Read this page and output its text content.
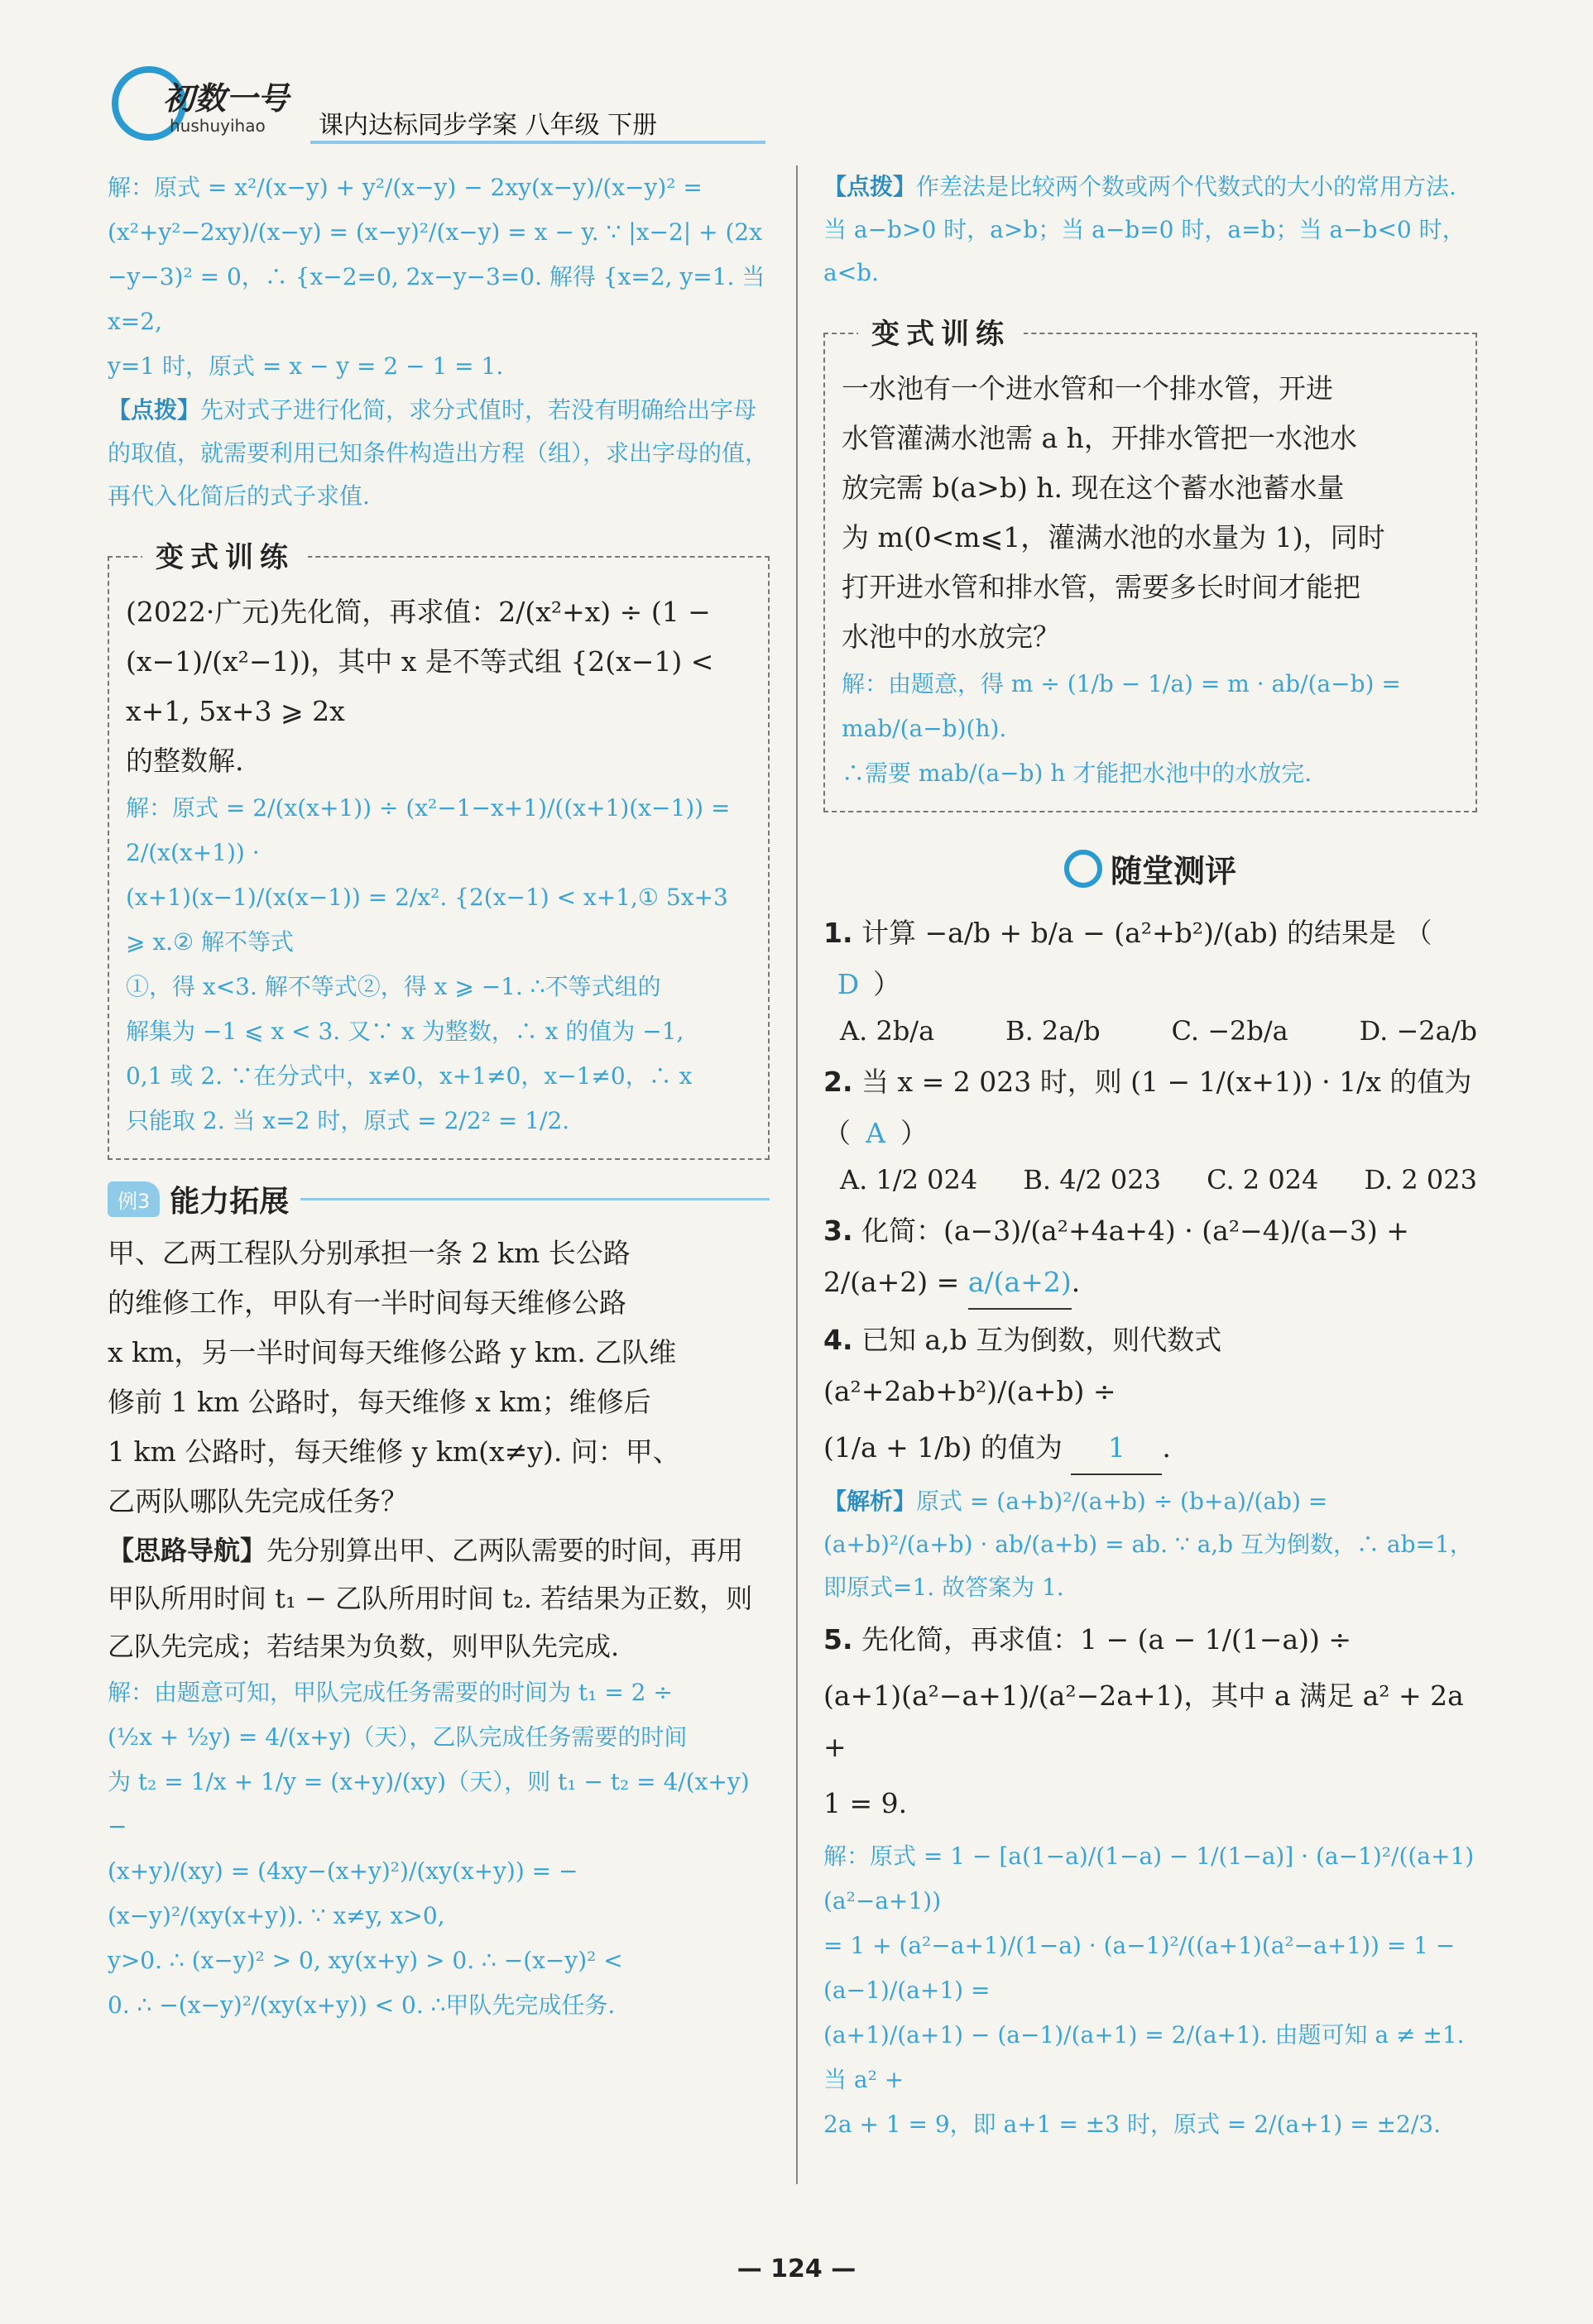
初数一号
hushuyihao 课内达标同步学案 八年级 下册

解：原式 = x²/(x−y) + y²/(x−y) − 2xy(x−y)/(x−y)² =

(x²+y²−2xy)/(x−y) = (x−y)²/(x−y) = x − y. ∵ |x−2| + (2x

−y−3)² = 0，∴ {x−2=0, 2x−y−3=0. 解得 {x=2, y=1. 当 x=2,

y=1 时，原式 = x − y = 2 − 1 = 1.

【点拨】先对式子进行化简，求分式值时，若没有明确给出字母的取值，就需要利用已知条件构造出方程（组），求出字母的值，再代入化简后的式子求值.

变式训练

(2022·广元)先化简，再求值：2/(x²+x) ÷ (1 −

(x−1)/(x²−1))，其中 x 是不等式组 {2(x−1) < x+1, 5x+3 ⩾ 2x

的整数解.

解：原式 = 2/(x(x+1)) ÷ (x²−1−x+1)/((x+1)(x−1)) = 2/(x(x+1)) ·

(x+1)(x−1)/(x(x−1)) = 2/x². {2(x−1) < x+1,① 5x+3 ⩾ x.② 解不等式

①，得 x<3. 解不等式②，得 x ⩾ −1. ∴不等式组的

解集为 −1 ⩽ x < 3. 又∵ x 为整数，∴ x 的值为 −1,

0,1 或 2. ∵在分式中，x≠0，x+1≠0，x−1≠0，∴ x

只能取 2. 当 x=2 时，原式 = 2/2² = 1/2.

例3 能力拓展

甲、乙两工程队分别承担一条 2 km 长公路

的维修工作，甲队有一半时间每天维修公路

x km，另一半时间每天维修公路 y km. 乙队维

修前 1 km 公路时，每天维修 x km；维修后

1 km 公路时，每天维修 y km(x≠y). 问：甲、

乙两队哪队先完成任务？

【思路导航】先分别算出甲、乙两队需要的时间，再用甲队所用时间 t₁ − 乙队所用时间 t₂. 若结果为正数，则乙队先完成；若结果为负数，则甲队先完成.

解：由题意可知，甲队完成任务需要的时间为 t₁ = 2 ÷

(½x + ½y) = 4/(x+y)（天），乙队完成任务需要的时间

为 t₂ = 1/x + 1/y = (x+y)/(xy)（天），则 t₁ − t₂ = 4/(x+y) −

(x+y)/(xy) = (4xy−(x+y)²)/(xy(x+y)) = −(x−y)²/(xy(x+y)). ∵ x≠y, x>0,

y>0. ∴ (x−y)² > 0, xy(x+y) > 0. ∴ −(x−y)² <

0. ∴ −(x−y)²/(xy(x+y)) < 0. ∴甲队先完成任务.

【点拨】作差法是比较两个数或两个代数式的大小的常用方法. 当 a−b>0 时，a>b；当 a−b=0 时，a=b；当 a−b<0 时，a<b.

变式训练

一水池有一个进水管和一个排水管，开进

水管灌满水池需 a h，开排水管把一水池水

放完需 b(a>b) h. 现在这个蓄水池蓄水量

为 m(0<m⩽1，灌满水池的水量为 1)，同时

打开进水管和排水管，需要多长时间才能把

水池中的水放完？

解：由题意，得 m ÷ (1/b − 1/a) = m · ab/(a−b) = mab/(a−b)(h).

∴需要 mab/(a−b) h 才能把水池中的水放完.

随堂测评

1. 计算 −a/b + b/a − (a²+b²)/(ab) 的结果是 （D ）

A. 2b/a	B. 2a/b	C. −2b/a	D. −2a/b

2. 当 x = 2 023 时，则 (1 − 1/(x+1)) · 1/x 的值为 （ A ）

A. 1/2 024 B. 4/2 023 C. 2 024 D. 2 023

3. 化简：(a−3)/(a²+4a+4) · (a²−4)/(a−3) + 2/(a+2) = a/(a+2).

4. 已知 a,b 互为倒数，则代数式 (a²+2ab+b²)/(a+b) ÷

(1/a + 1/b) 的值为 1 .

【解析】原式 = (a+b)²/(a+b) ÷ (b+a)/(ab) = (a+b)²/(a+b) · ab/(a+b) = ab. ∵ a,b 互为倒数，∴ ab=1，即原式=1. 故答案为 1.

5. 先化简，再求值：1 − (a − 1/(1−a)) ÷

(a+1)(a²−a+1)/(a²−2a+1)，其中 a 满足 a² + 2a +

1 = 9.

解：原式 = 1 − [a(1−a)/(1−a) − 1/(1−a)] · (a−1)²/((a+1)(a²−a+1))

= 1 + (a²−a+1)/(1−a) · (a−1)²/((a+1)(a²−a+1)) = 1 − (a−1)/(a+1) =

(a+1)/(a+1) − (a−1)/(a+1) = 2/(a+1). 由题可知 a ≠ ±1. 当 a² +

2a + 1 = 9，即 a+1 = ±3 时，原式 = 2/(a+1) = ±2/3.

— 124 —
